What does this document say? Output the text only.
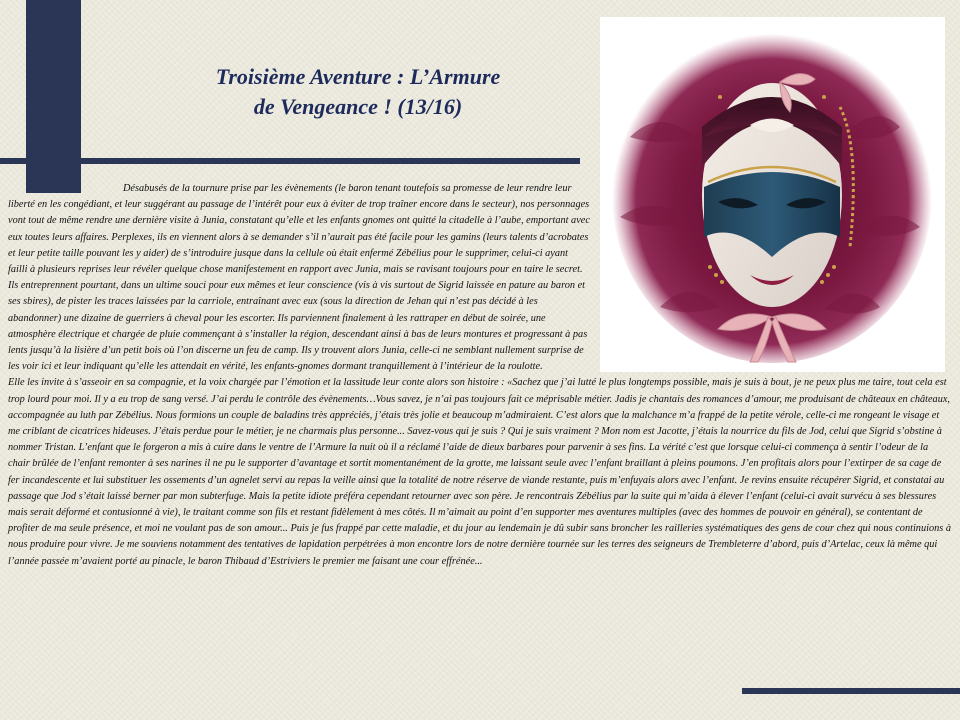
Troisième Aventure : L’Armure
de Vengeance ! (13/16)

Désabusés de la tournure prise par les évènements (le baron tenant toutefois sa promesse de leur rendre leur liberté en les congédiant, et leur suggérant au passage de l’intérêt pour eux à éviter de trop traîner encore dans le secteur), nos personnages vont tout de même rendre une dernière visite à Junia, constatant qu’elle et les enfants gnomes ont quitté la citadelle à l’aube, emportant avec eux toutes leurs affaires. Perplexes, ils en viennent alors à se demander s’il n’aurait pas été facile pour les gamins (leurs talents d’acrobates et leur petite taille pouvant les y aider) de s’introduire jusque dans la cellule où était enfermé Zébélius pour le supprimer, celui-ci ayant failli à plusieurs reprises leur révéler quelque chose manifestement en rapport avec Junia, mais se ravisant toujours pour en taire le secret. Ils entreprennent pourtant, dans un ultime souci pour eux mêmes et leur conscience (vis à vis surtout de Sigrid laissée en pature au baron et ses sbires), de pister les traces laissées par la carriole, entraînant avec eux (sous la direction de Jehan qui n’est pas décidé à les abandonner) une dizaine de guerriers à cheval pour les escorter. Ils parviennent finalement à les rattraper en début de soirée, une atmosphère électrique et chargée de pluie commençant à s’installer la région, descendant ainsi à bas de leurs montures et progressant à pas lents jusqu’à la lisière d’un petit bois où l’on discerne un feu de camp. Ils y trouvent alors Junia, celle-ci ne semblant nullement surprise de les voir ici et leur indiquant qu’elle les attendait en vérité, les enfants-gnomes dormant tranquillement à l’intérieur de la roulotte.

Elle les invite à s’asseoir en sa compagnie, et la voix chargée par l’émotion et la lassitude leur conte alors son histoire : «Sachez que j’ai lutté le plus longtemps possible, mais je suis à bout, je ne peux plus me taire, tout cela est trop lourd pour moi. Il y a eu trop de sang versé. J’ai perdu le contrôle des évènements…Vous savez, je n’ai pas toujours fait ce méprisable métier. Jadis je chantais des romances d’amour, me produisant de châteaux en châteaux, accompagnée au luth par Zébélius. Nous formions un couple de baladins très appréciés, j’étais très jolie et beaucoup m’admiraient. C’est alors que la malchance m’a frappé de la petite vérole, celle-ci me rongeant le visage et me criblant de cicatrices hideuses. J’étais perdue pour le métier, je ne charmais plus personne... Savez-vous qui je suis ? Qui je suis vraiment ? Mon nom est Jacotte, j’étais la nourrice du fils de Jod, celui que Sigrid s’obstine à nommer Tristan. L’enfant que le forgeron a mis à cuire dans le ventre de l’Armure la nuit où il a réclamé l’aide de dieux barbares pour parvenir à ses fins. La vérité c’est que lorsque celui-ci commença à sentir l’odeur de la chair brûlée de l’enfant remonter à ses narines il ne pu le supporter d’avantage et sortit momentanément de la grotte, me laissant seule avec l’enfant braillant à pleins poumons. J’en profitais alors pour l’extirper de sa cage de fer incandescente et lui substituer les ossements d’un agnelet servi au repas la veille ainsi que la totalité de notre réserve de viande restante, puis m’enfuyais alors avec l’enfant. Je revins ensuite récupérer Sigrid, et constatai au passage que Jod s’était laissé berner par mon subterfuge. Mais la petite idiote préféra cependant retourner avec son père. Je rencontrais Zébélius par la suite qui m’aida à élever l’enfant (celui-ci avait survécu à ses blessures mais serait déformé et contusionné à vie), le traitant comme son fils et restant fidèlement à mes côtés. Il m’aimait au point d’en supporter mes aventures multiples (avec des hommes de pouvoir en général), se contentant de profiter de ma seule présence, et moi ne voulant pas de son amour... Puis je fus frappé par cette maladie, et du jour au lendemain je dû subir sans broncher les railleries systématiques des gens de cour chez qui nous continuions à nous produire pour vivre. Je me souviens notamment des tentatives de lapidation perpétrées à mon encontre lors de notre dernière tournée sur les terres des seigneurs de Trembleterre d’abord, puis d’Artelac, ceux là même qui l’année passée m’avaient porté au pinacle, le baron Thibaud d’Estriviers le premier me faisant une cour effrénée...
